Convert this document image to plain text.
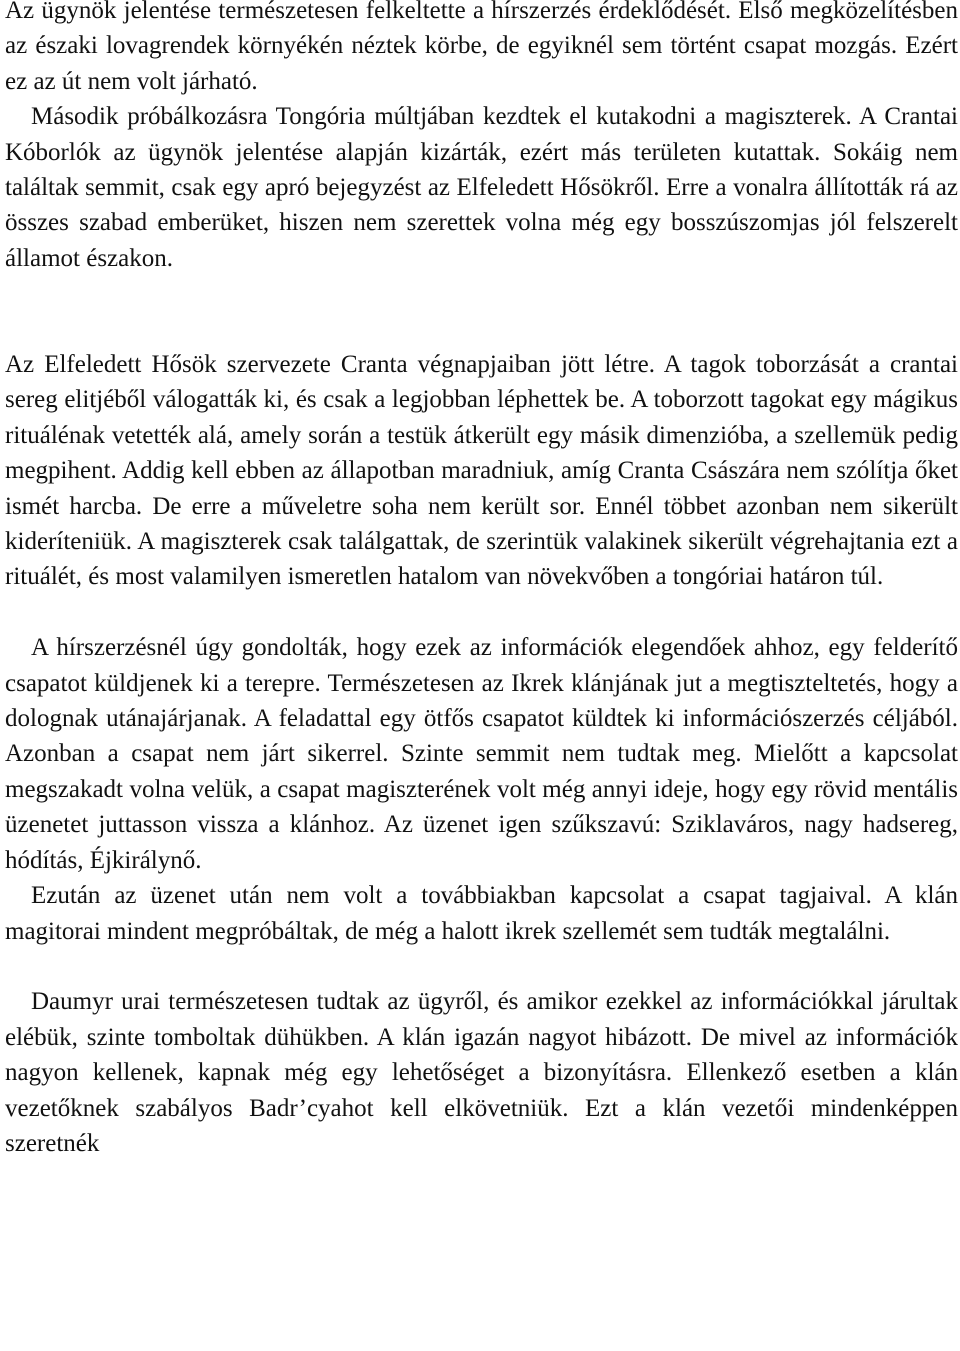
Az ügynök jelentése természetesen felkeltette a hírszerzés érdeklődését. Első megközelítésben az északi lovagrendek környékén néztek körbe, de egyiknél sem történt csapat mozgás. Ezért ez az út nem volt járható.

Második próbálkozásra Tongória múltjában kezdtek el kutakodni a magiszterek. A Crantai Kóborlók az ügynök jelentése alapján kizárták, ezért más területen kutattak. Sokáig nem találtak semmit, csak egy apró bejegyzést az Elfeledett Hősökről. Erre a vonalra állították rá az összes szabad emberüket, hiszen nem szerettek volna még egy bosszúszomjas jól felszerelt államot északon.

Az Elfeledett Hősök szervezete Cranta végnapjaiban jött létre. A tagok toborzását a crantai sereg elitjéből válogatták ki, és csak a legjobban léphettek be. A toborzott tagokat egy mágikus rituálénak vetették alá, amely során a testük átkerült egy másik dimenzióba, a szellemük pedig megpihent. Addig kell ebben az állapotban maradniuk, amíg Cranta Császára nem szólítja őket ismét harcba. De erre a műveletre soha nem került sor. Ennél többet azonban nem sikerült kideríteniük. A magiszterek csak találgattak, de szerintük valakinek sikerült végrehajtania ezt a rituálét, és most valamilyen ismeretlen hatalom van növekvőben a tongóriai határon túl.

A hírszerzésnél úgy gondolták, hogy ezek az információk elegendőek ahhoz, egy felderítő csapatot küldjenek ki a terepre. Természetesen az Ikrek klánjának jut a megtiszteltetés, hogy a dolognak utánajárjanak. A feladattal egy ötfős csapatot küldtek ki információszerzés céljából. Azonban a csapat nem járt sikerrel. Szinte semmit nem tudtak meg. Mielőtt a kapcsolat megszakadt volna velük, a csapat magiszterének volt még annyi ideje, hogy egy rövid mentális üzenetet juttasson vissza a klánhoz. Az üzenet igen szűkszavú: Sziklaváros, nagy hadsereg, hódítás, Éjkirálynő.

Ezután az üzenet után nem volt a továbbiakban kapcsolat a csapat tagjaival. A klán magitorai mindent megpróbáltak, de még a halott ikrek szellemét sem tudták megtalálni.

Daumyr urai természetesen tudtak az ügyről, és amikor ezekkel az információkkal járultak elébük, szinte tomboltak dühükben. A klán igazán nagyot hibázott. De mivel az információk nagyon kellenek, kapnak még egy lehetőséget a bizonyításra. Ellenkező esetben a klán vezetőknek szabályos Badr’cyahot kell elkövetniük. Ezt a klán vezetői mindenképpen szeretnék
